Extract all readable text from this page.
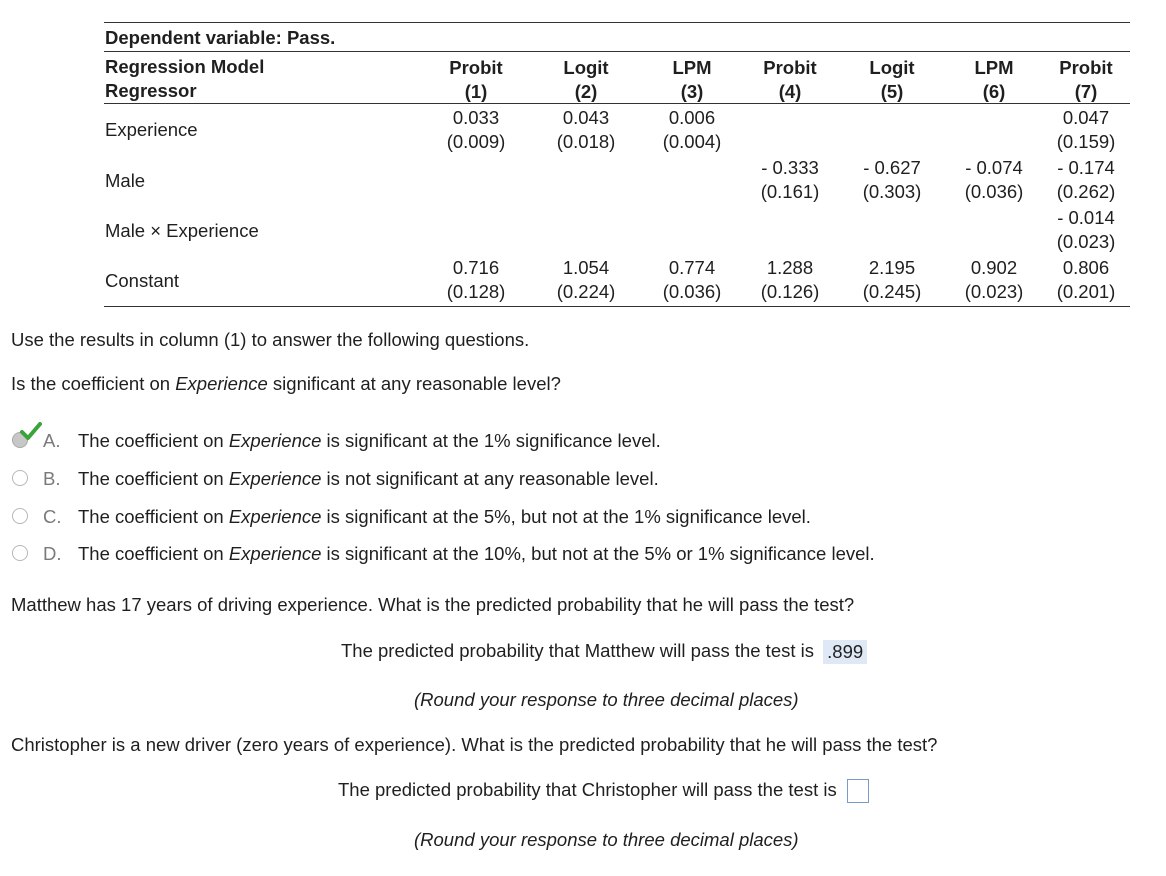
Dependent variable: Pass.
Regression Model
Regressor
Probit
(1)
Logit
(2)
LPM
(3)
Probit
(4)
Logit
(5)
LPM
(6)
Probit
(7)
Experience
Male
Male × Experience
Constant
0.033
(0.009)
0.043
(0.018)
0.006
(0.004)
0.047
(0.159)
- 0.333
(0.161)
- 0.627
(0.303)
- 0.074
(0.036)
- 0.174
(0.262)
- 0.014
(0.023)
0.716
(0.128)
1.054
(0.224)
0.774
(0.036)
1.288
(0.126)
2.195
(0.245)
0.902
(0.023)
0.806
(0.201)
Use the results in column (1) to answer the following questions.
Is the coefficient on Experience significant at any reasonable level?
A. The coefficient on Experience is significant at the 1% significance level.
B. The coefficient on Experience is not significant at any reasonable level.
C. The coefficient on Experience is significant at the 5%, but not at the 1% significance level.
D. The coefficient on Experience is significant at the 10%, but not at the 5% or 1% significance level.
Matthew has 17 years of driving experience. What is the predicted probability that he will pass the test?
The predicted probability that Matthew will pass the test is .899
(Round your response to three decimal places)
Christopher is a new driver (zero years of experience). What is the predicted probability that he will pass the test?
The predicted probability that Christopher will pass the test is
(Round your response to three decimal places)
